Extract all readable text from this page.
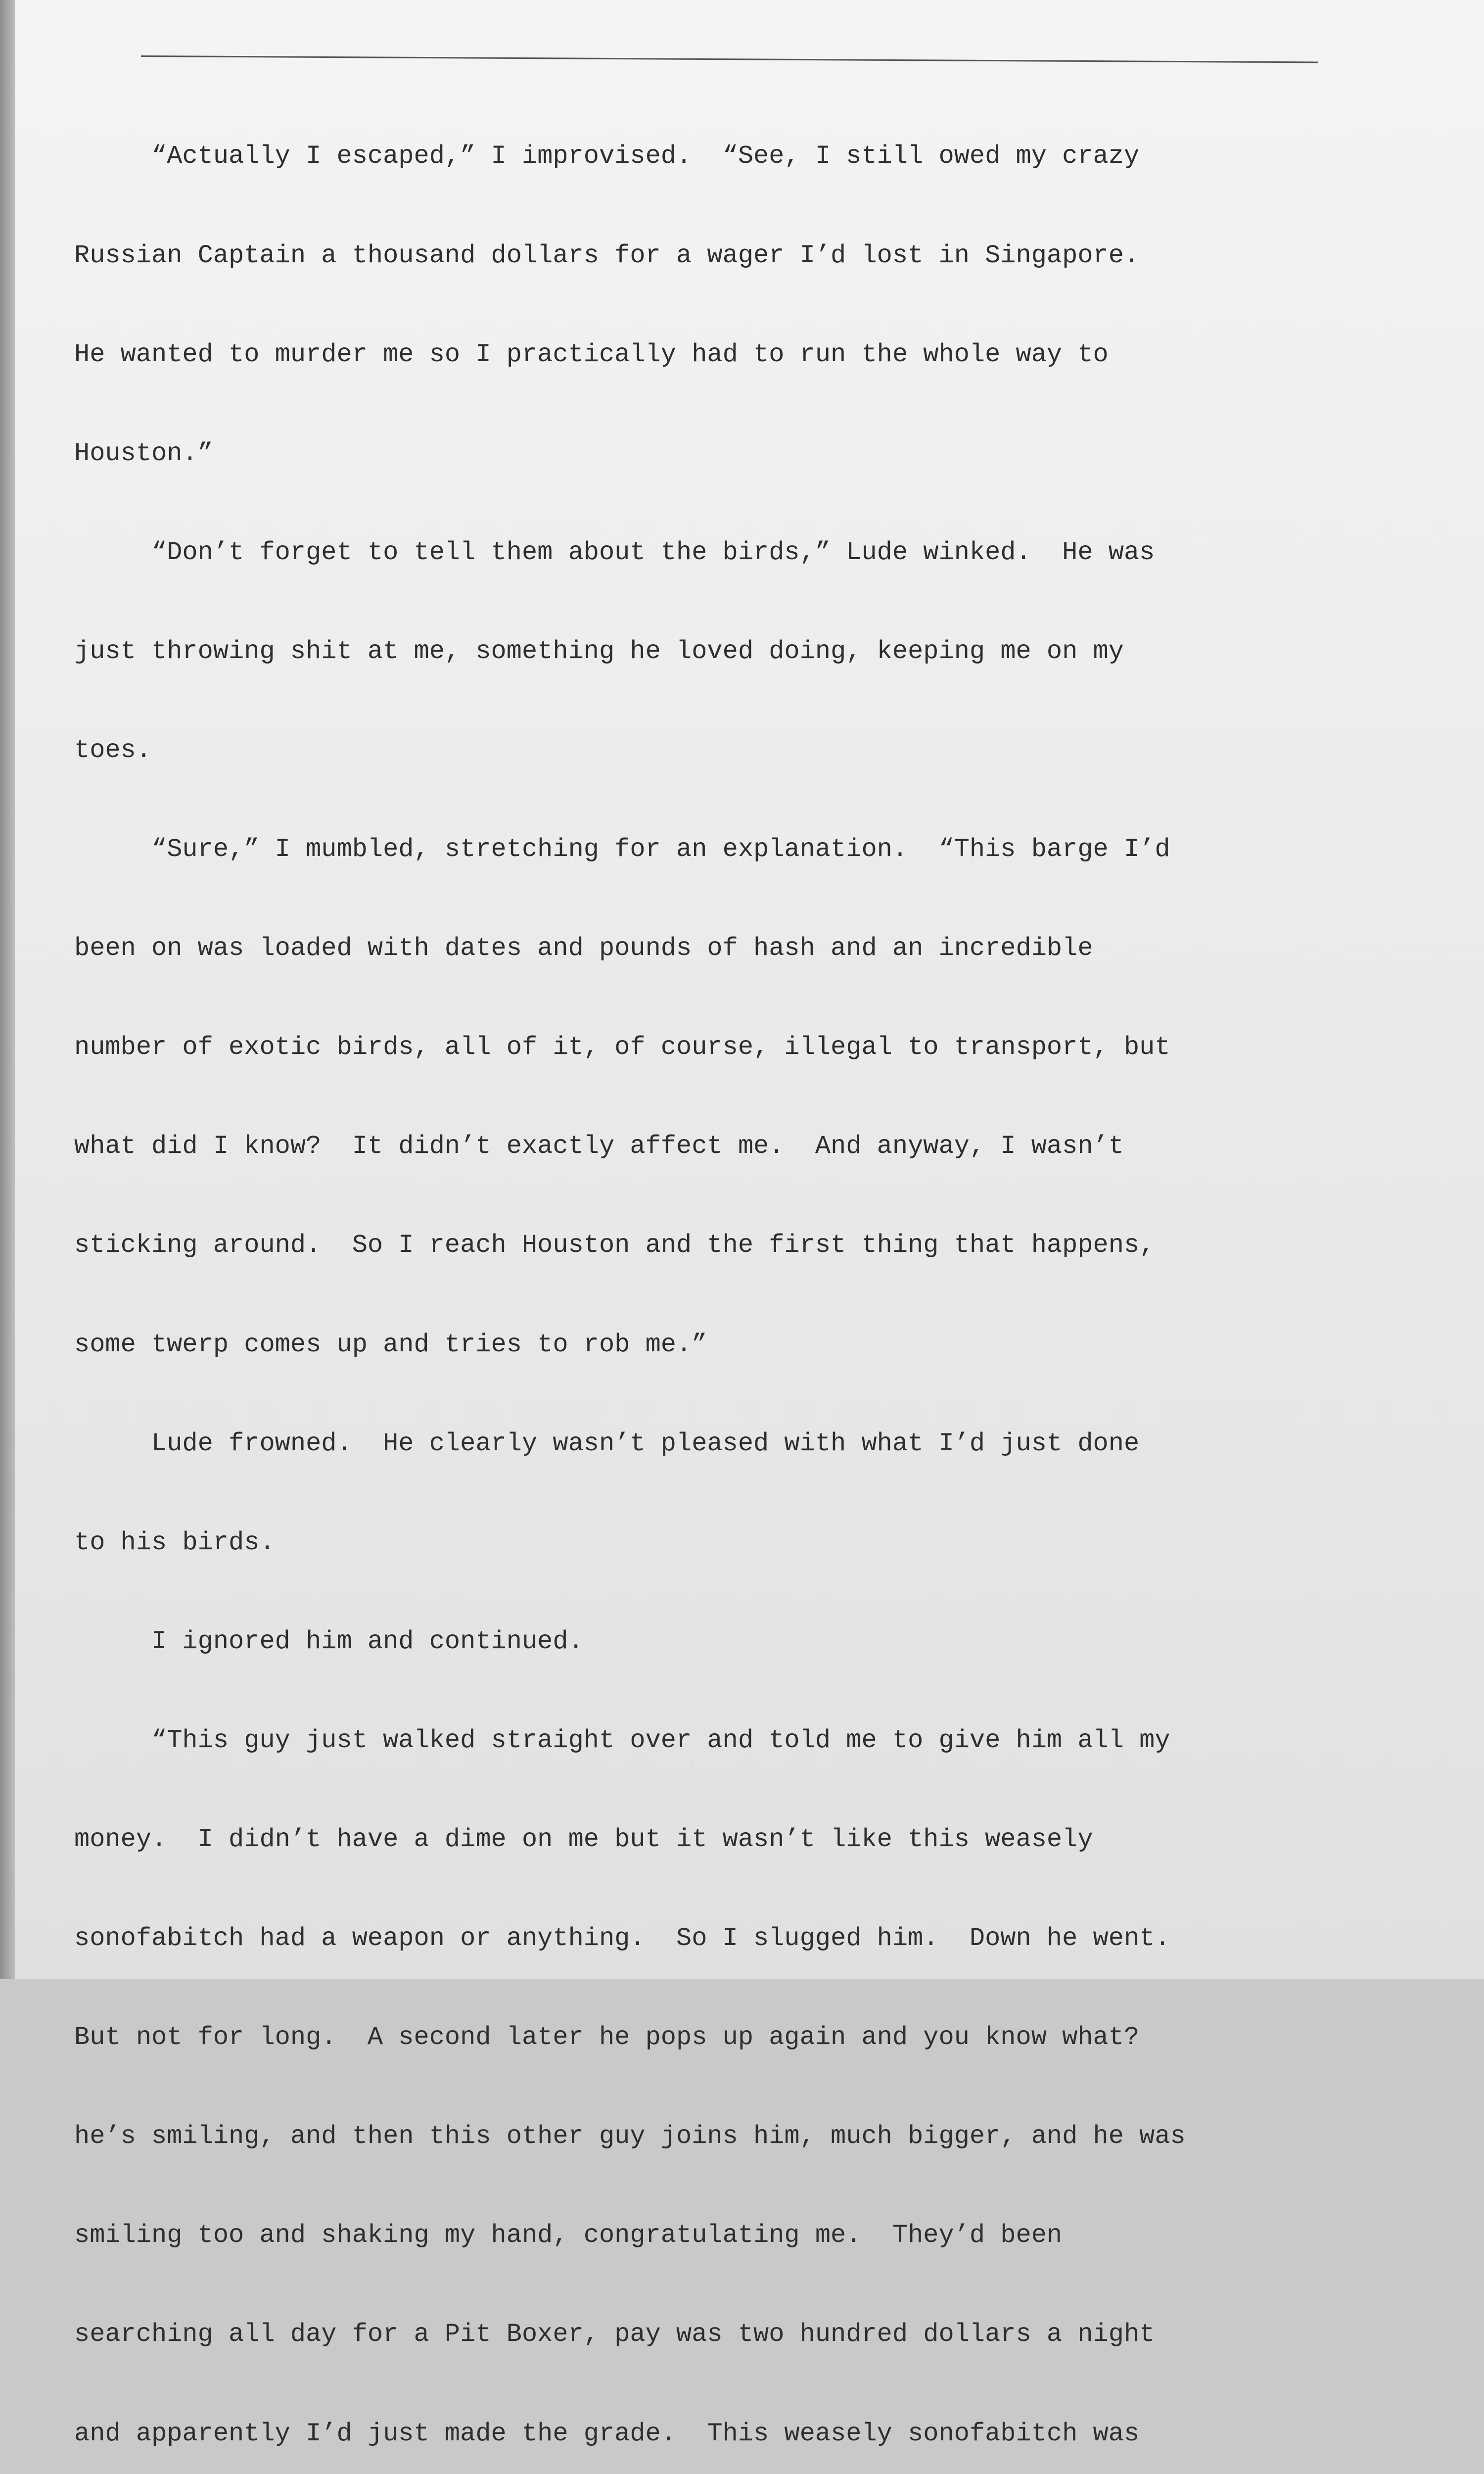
“Actually I escaped,” I improvised.  “See, I still owed my crazy

Russian Captain a thousand dollars for a wager I’d lost in Singapore.

He wanted to murder me so I practically had to run the whole way to

Houston.”

“Don’t forget to tell them about the birds,” Lude winked.  He was

just throwing shit at me, something he loved doing, keeping me on my

toes.

“Sure,” I mumbled, stretching for an explanation.  “This barge I’d

been on was loaded with dates and pounds of hash and an incredible

number of exotic birds, all of it, of course, illegal to transport, but

what did I know?  It didn’t exactly affect me.  And anyway, I wasn’t

sticking around.  So I reach Houston and the first thing that happens,

some twerp comes up and tries to rob me.”

Lude frowned.  He clearly wasn’t pleased with what I’d just done

to his birds.

I ignored him and continued.

“This guy just walked straight over and told me to give him all my

money.  I didn’t have a dime on me but it wasn’t like this weasely

sonofabitch had a weapon or anything.  So I slugged him.  Down he went.

But not for long.  A second later he pops up again and you know what?

he’s smiling, and then this other guy joins him, much bigger, and he was

smiling too and shaking my hand, congratulating me.  They’d been

searching all day for a Pit Boxer, pay was two hundred dollars a night

and apparently I’d just made the grade.  This weasely sonofabitch was
